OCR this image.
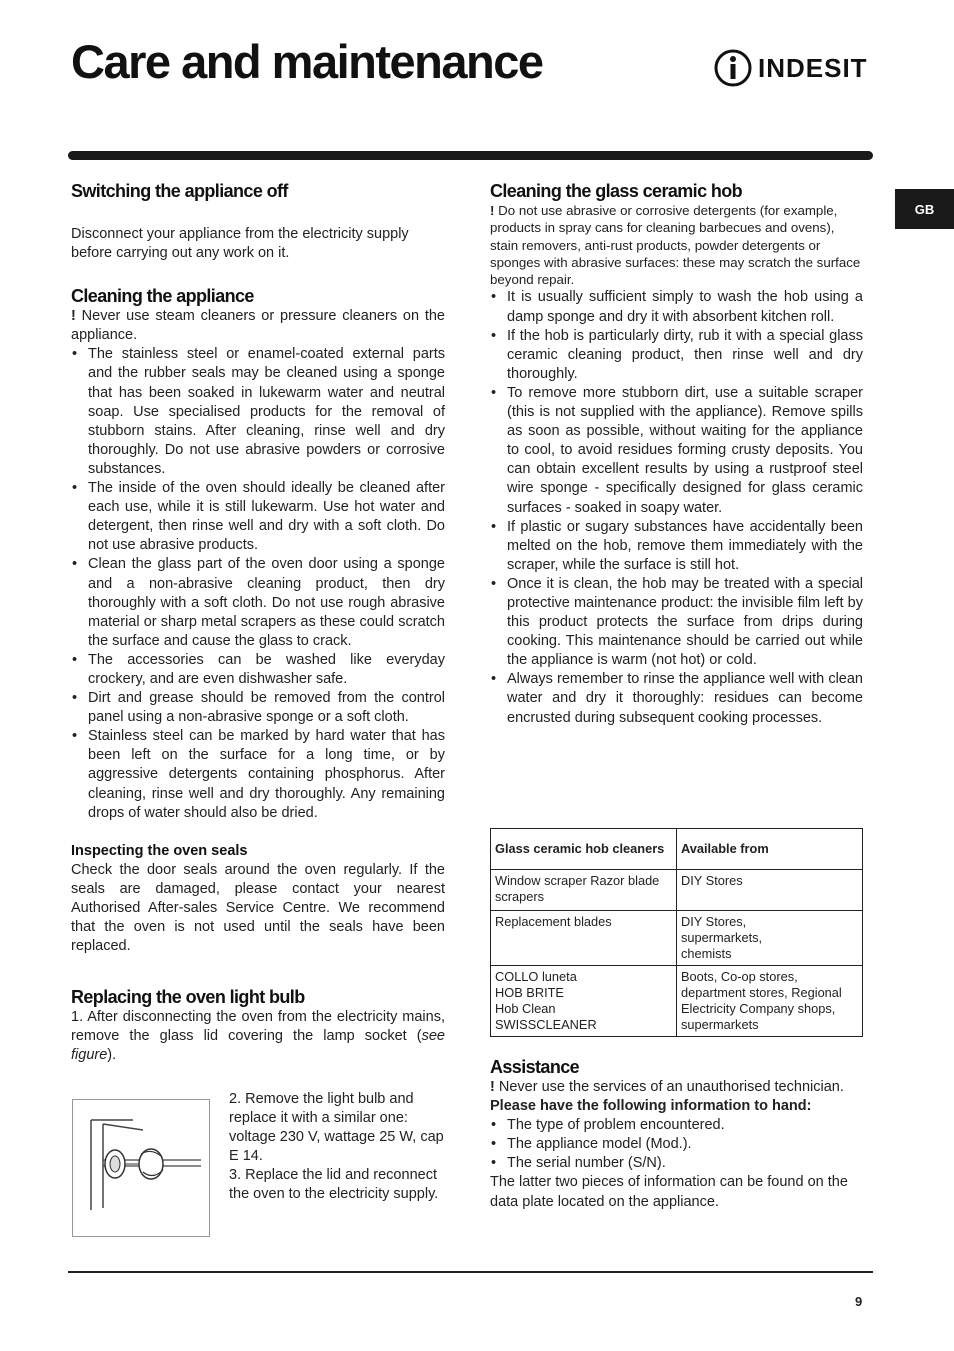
Care and maintenance	INDESIT
GB
Switching the appliance off

Disconnect your appliance from the electricity supply before carrying out any work on it.

Cleaning the appliance

! Never use steam cleaners or pressure cleaners on the appliance.

• The stainless steel or enamel-coated external parts and the rubber seals may be cleaned using a sponge that has been soaked in lukewarm water and neutral soap. Use specialised products for the removal of stubborn stains. After cleaning, rinse well and dry thoroughly. Do not use abrasive powders or corrosive substances.
• The inside of the oven should ideally be cleaned after each use, while it is still lukewarm. Use hot water and detergent, then rinse well and dry with a soft cloth. Do not use abrasive products.
• Clean the glass part of the oven door using a sponge and a non-abrasive cleaning product, then dry thoroughly with a soft cloth. Do not use rough abrasive material or sharp metal scrapers as these could scratch the surface and cause the glass to crack.
• The accessories can be washed like everyday crockery, and are even dishwasher safe.
• Dirt and grease should be removed from the control panel using a non-abrasive sponge or a soft cloth.
• Stainless steel can be marked by hard water that has been left on the surface for a long time, or by aggressive detergents containing phosphorus. After cleaning, rinse well and dry thoroughly. Any remaining drops of water should also be dried.
Inspecting the oven seals

Check the door seals around the oven regularly. If the seals are damaged, please contact your nearest Authorised After-sales Service Centre. We recommend that the oven is not used until the seals have been replaced.

Replacing the oven light bulb

1. After disconnecting the oven from the electricity mains, remove the glass lid covering the lamp socket (see figure).

2. Remove the light bulb and replace it with a similar one: voltage 230 V, wattage 25 W, cap E 14.

3. Replace the lid and reconnect the oven to the electricity supply.

Cleaning the glass ceramic hob

! Do not use abrasive or corrosive detergents (for example, products in spray cans for cleaning barbecues and ovens), stain removers, anti-rust products, powder detergents or sponges with abrasive surfaces: these may scratch the surface beyond repair.

• It is usually sufficient simply to wash the hob using a damp sponge and dry it with absorbent kitchen roll.
• If the hob is particularly dirty, rub it with a special glass ceramic cleaning product, then rinse well and dry thoroughly.
• To remove more stubborn dirt, use a suitable scraper (this is not supplied with the appliance). Remove spills as soon as possible, without waiting for the appliance to cool, to avoid residues forming crusty deposits. You can obtain excellent results by using a rustproof steel wire sponge - specifically designed for glass ceramic surfaces - soaked in soapy water.
• If plastic or sugary substances have accidentally been melted on the hob, remove them immediately with the scraper, while the surface is still hot.
• Once it is clean, the hob may be treated with a special protective maintenance product: the invisible film left by this product protects the surface from drips during cooking. This maintenance should be carried out while the appliance is warm (not hot) or cold.
• Always remember to rinse the appliance well with clean water and dry it thoroughly: residues can become encrusted during subsequent cooking processes.
Glass ceramic hob cleaners	Available from
Window scraper Razor blade scrapers	DIY Stores
Replacement blades	DIY Stores,
supermarkets,
chemists
COLLO luneta
HOB BRITE
Hob Clean
SWISSCLEANER	Boots, Co-op stores, department stores, Regional Electricity Company shops, supermarkets
Assistance

! Never use the services of an unauthorised technician.

Please have the following information to hand:

• The type of problem encountered.
• The appliance model (Mod.).
• The serial number (S/N).

The latter two pieces of information can be found on the data plate located on the appliance.

9
